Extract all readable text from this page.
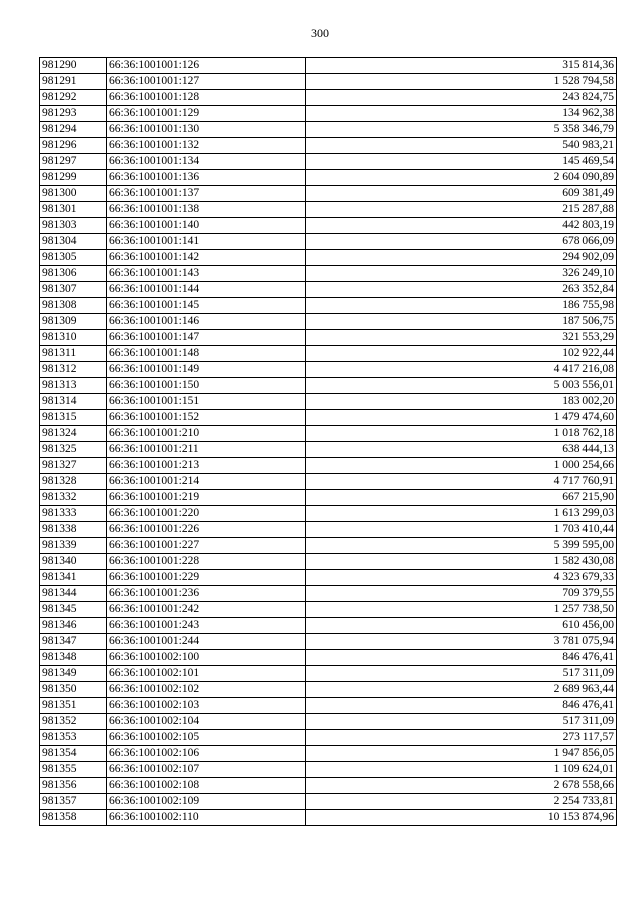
300
981290	66:36:1001001:126	315 814,36
981291	66:36:1001001:127	1 528 794,58
981292	66:36:1001001:128	243 824,75
981293	66:36:1001001:129	134 962,38
981294	66:36:1001001:130	5 358 346,79
981296	66:36:1001001:132	540 983,21
981297	66:36:1001001:134	145 469,54
981299	66:36:1001001:136	2 604 090,89
981300	66:36:1001001:137	609 381,49
981301	66:36:1001001:138	215 287,88
981303	66:36:1001001:140	442 803,19
981304	66:36:1001001:141	678 066,09
981305	66:36:1001001:142	294 902,09
981306	66:36:1001001:143	326 249,10
981307	66:36:1001001:144	263 352,84
981308	66:36:1001001:145	186 755,98
981309	66:36:1001001:146	187 506,75
981310	66:36:1001001:147	321 553,29
981311	66:36:1001001:148	102 922,44
981312	66:36:1001001:149	4 417 216,08
981313	66:36:1001001:150	5 003 556,01
981314	66:36:1001001:151	183 002,20
981315	66:36:1001001:152	1 479 474,60
981324	66:36:1001001:210	1 018 762,18
981325	66:36:1001001:211	638 444,13
981327	66:36:1001001:213	1 000 254,66
981328	66:36:1001001:214	4 717 760,91
981332	66:36:1001001:219	667 215,90
981333	66:36:1001001:220	1 613 299,03
981338	66:36:1001001:226	1 703 410,44
981339	66:36:1001001:227	5 399 595,00
981340	66:36:1001001:228	1 582 430,08
981341	66:36:1001001:229	4 323 679,33
981344	66:36:1001001:236	709 379,55
981345	66:36:1001001:242	1 257 738,50
981346	66:36:1001001:243	610 456,00
981347	66:36:1001001:244	3 781 075,94
981348	66:36:1001002:100	846 476,41
981349	66:36:1001002:101	517 311,09
981350	66:36:1001002:102	2 689 963,44
981351	66:36:1001002:103	846 476,41
981352	66:36:1001002:104	517 311,09
981353	66:36:1001002:105	273 117,57
981354	66:36:1001002:106	1 947 856,05
981355	66:36:1001002:107	1 109 624,01
981356	66:36:1001002:108	2 678 558,66
981357	66:36:1001002:109	2 254 733,81
981358	66:36:1001002:110	10 153 874,96
